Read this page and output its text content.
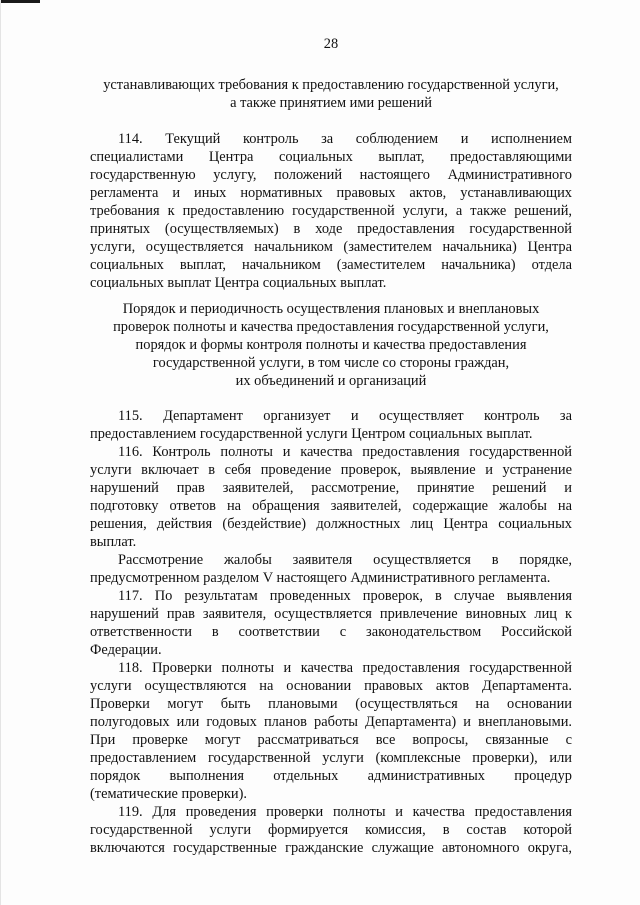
28
устанавливающих требования к предоставлению государственной услуги,
а также принятием ими решений
114. Текущий контроль за соблюдением и исполнением
специалистами Центра социальных выплат, предоставляющими
государственную услугу, положений настоящего Административного
регламента и иных нормативных правовых актов, устанавливающих
требования к предоставлению государственной услуги, а также решений,
принятых (осуществляемых) в ходе предоставления государственной
услуги, осуществляется начальником (заместителем начальника) Центра
социальных выплат, начальником (заместителем начальника) отдела
социальных выплат Центра социальных выплат.
Порядок и периодичность осуществления плановых и внеплановых
проверок полноты и качества предоставления государственной услуги,
порядок и формы контроля полноты и качества предоставления
государственной услуги, в том числе со стороны граждан,
их объединений и организаций
115. Департамент организует и осуществляет контроль за
предоставлением государственной услуги Центром социальных выплат.
116. Контроль полноты и качества предоставления государственной
услуги включает в себя проведение проверок, выявление и устранение
нарушений прав заявителей, рассмотрение, принятие решений и
подготовку ответов на обращения заявителей, содержащие жалобы на
решения, действия (бездействие) должностных лиц Центра социальных
выплат.
Рассмотрение жалобы заявителя осуществляется в порядке,
предусмотренном разделом V настоящего Административного регламента.
117. По результатам проведенных проверок, в случае выявления
нарушений прав заявителя, осуществляется привлечение виновных лиц к
ответственности в соответствии с законодательством Российской
Федерации.
118. Проверки полноты и качества предоставления государственной
услуги осуществляются на основании правовых актов Департамента.
Проверки могут быть плановыми (осуществляться на основании
полугодовых или годовых планов работы Департамента) и внеплановыми.
При проверке могут рассматриваться все вопросы, связанные с
предоставлением государственной услуги (комплексные проверки), или
порядок выполнения отдельных административных процедур
(тематические проверки).
119. Для проведения проверки полноты и качества предоставления
государственной услуги формируется комиссия, в состав которой
включаются государственные гражданские служащие автономного округа,
